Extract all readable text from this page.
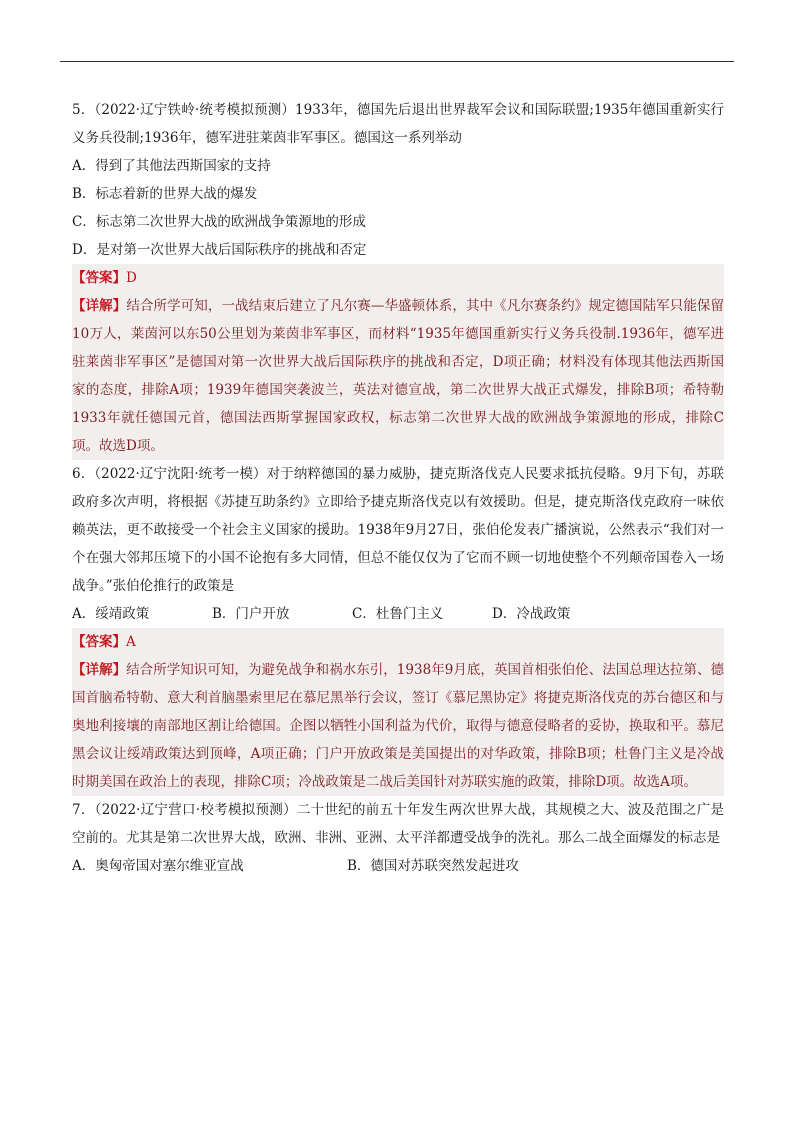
5．（2022·辽宁铁岭·统考模拟预测）1933年，德国先后退出世界裁军会议和国际联盟;1935年德国重新实行义务兵役制;1936年，德军进驻莱茵非军事区。德国这一系列举动

A．得到了其他法西斯国家的支持

B．标志着新的世界大战的爆发

C．标志第二次世界大战的欧洲战争策源地的形成

D．是对第一次世界大战后国际秩序的挑战和否定

【答案】D

【详解】结合所学可知，一战结束后建立了凡尔赛—华盛顿体系，其中《凡尔赛条约》规定德国陆军只能保留10万人，莱茵河以东50公里划为莱茵非军事区，而材料“1935年德国重新实行义务兵役制.1936年，德军进驻莱茵非军事区”是德国对第一次世界大战后国际秩序的挑战和否定，D项正确；材料没有体现其他法西斯国家的态度，排除A项；1939年德国突袭波兰，英法对德宣战，第二次世界大战正式爆发，排除B项；希特勒1933年就任德国元首，德国法西斯掌握国家政权，标志第二次世界大战的欧洲战争策源地的形成，排除C项。故选D项。

6．（2022·辽宁沈阳·统考一模）对于纳粹德国的暴力威胁，捷克斯洛伐克人民要求抵抗侵略。9月下旬，苏联政府多次声明，将根据《苏捷互助条约》立即给予捷克斯洛伐克以有效援助。但是，捷克斯洛伐克政府一味依赖英法，更不敢接受一个社会主义国家的援助。1938年9月27日，张伯伦发表广播演说，公然表示“我们对一个在强大邻邦压境下的小国不论抱有多大同情，但总不能仅仅为了它而不顾一切地使整个不列颠帝国卷入一场战争。”张伯伦推行的政策是

A．绥靖政策	B．门户开放	C．杜鲁门主义	D．冷战政策

【答案】A

【详解】结合所学知识可知，为避免战争和祸水东引，1938年9月底，英国首相张伯伦、法国总理达拉第、德国首脑希特勒、意大利首脑墨索里尼在慕尼黑举行会议，签订《慕尼黑协定》将捷克斯洛伐克的苏台德区和与奥地利接壤的南部地区割让给德国。企图以牺牲小国利益为代价，取得与德意侵略者的妥协，换取和平。慕尼黑会议让绥靖政策达到顶峰，A项正确；门户开放政策是美国提出的对华政策，排除B项；杜鲁门主义是冷战时期美国在政治上的表现，排除C项；冷战政策是二战后美国针对苏联实施的政策，排除D项。故选A项。

7．（2022·辽宁营口·校考模拟预测）二十世纪的前五十年发生两次世界大战，其规模之大、波及范围之广是空前的。尤其是第二次世界大战，欧洲、非洲、亚洲、太平洋都遭受战争的洗礼。那么二战全面爆发的标志是

A．奥匈帝国对塞尔维亚宣战	B．德国对苏联突然发起进攻
